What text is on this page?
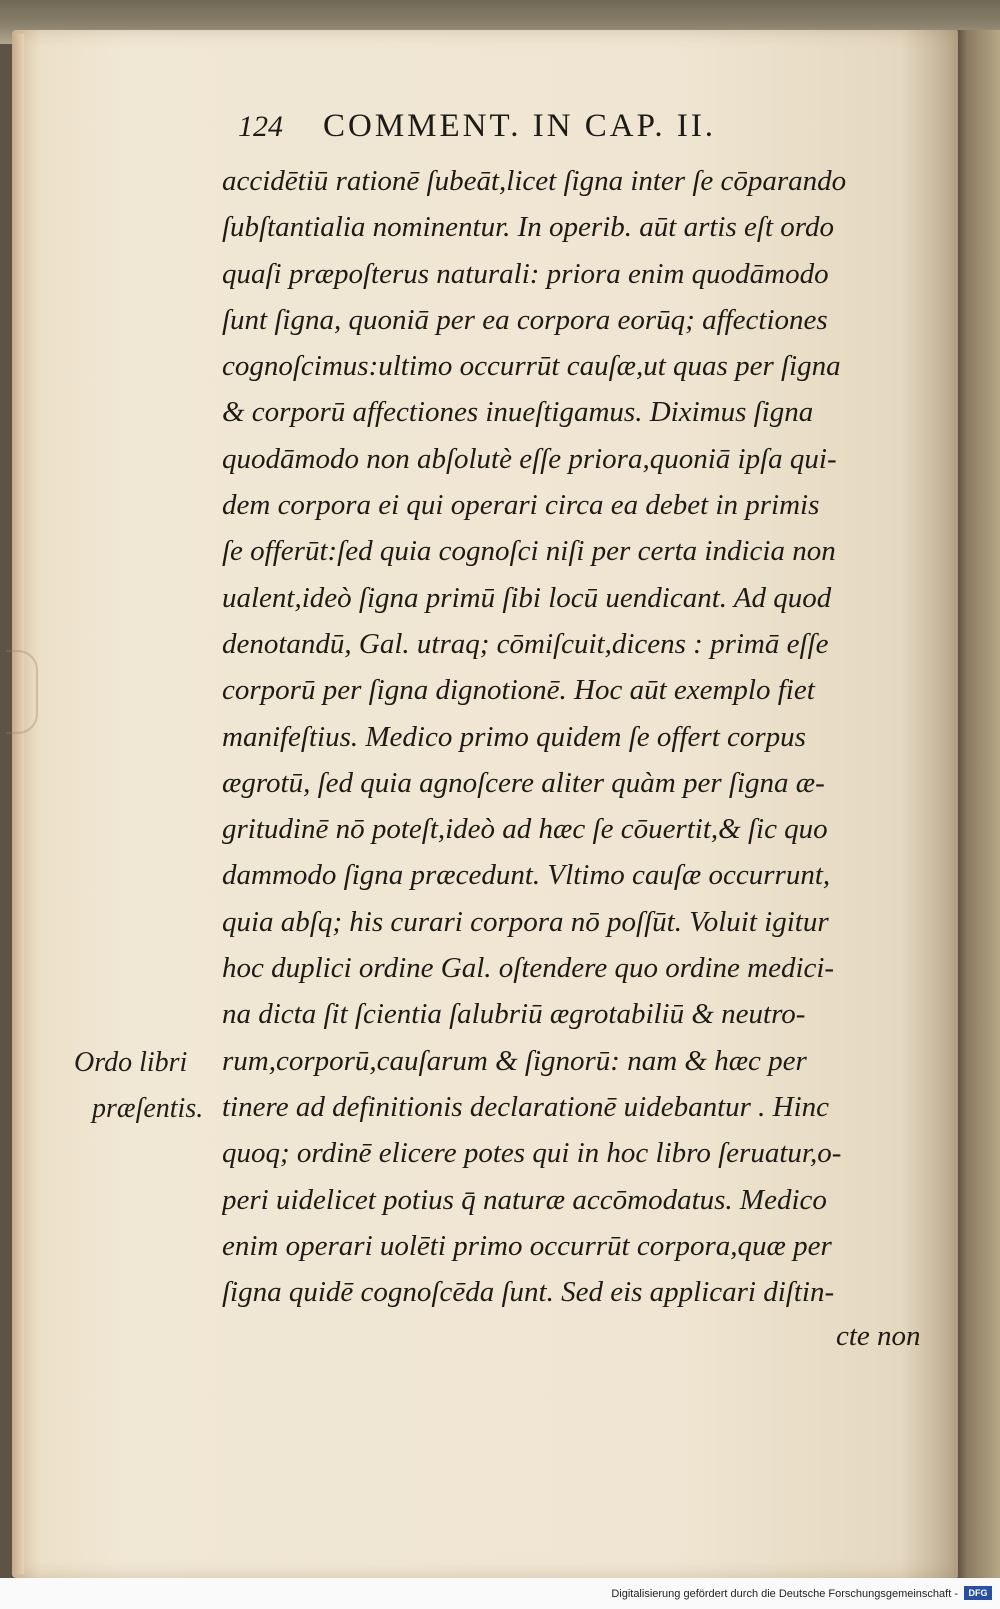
124 COMMENT. IN CAP. II.
accidētiū rationē ſubeāt,licet ſigna inter ſe cōparando
ſubſtantialia nominentur. In operib. aūt artis eſt ordo
quaſi præpoſterus naturali: priora enim quodāmodo
ſunt ſigna, quoniā per ea corpora eorūq; affectiones
cognoſcimus:ultimo occurrūt cauſæ,ut quas per ſigna
& corporū affectiones inueſtigamus. Diximus ſigna
quodāmodo non abſolutè eſſe priora,quoniā ipſa qui-
dem corpora ei qui operari circa ea debet in primis
ſe offerūt:ſed quia cognoſci niſi per certa indicia non
ualent,ideò ſigna primū ſibi locū uendicant. Ad quod
denotandū, Gal. utraq; cōmiſcuit,dicens : primā eſſe
corporū per ſigna dignotionē. Hoc aūt exemplo fiet
manifeſtius. Medico primo quidem ſe offert corpus
ægrotū, ſed quia agnoſcere aliter quàm per ſigna æ-
gritudinē nō poteſt,ideò ad hæc ſe cōuertit,& ſic quo
dammodo ſigna præcedunt. Vltimo cauſæ occurrunt,
quia abſq; his curari corpora nō poſſūt. Voluit igitur
hoc duplici ordine Gal. oſtendere quo ordine medici-
na dicta ſit ſcientia ſalubriū ægrotabiliū & neutro-
rum,corporū,cauſarum & ſignorū: nam & hæc per
tinere ad definitionis declarationē uidebantur . Hinc
quoq; ordinē elicere potes qui in hoc libro ſeruatur,o-
peri uidelicet potius q̄ naturæ accōmodatus. Medico
enim operari uolēti primo occurrūt corpora,quæ per
ſigna quidē cognoſcēda ſunt. Sed eis applicari diſtin-
cte non
Ordo libri
præſentis.
Digitalisierung gefördert durch die Deutsche Forschungsgemeinschaft -	DFG
